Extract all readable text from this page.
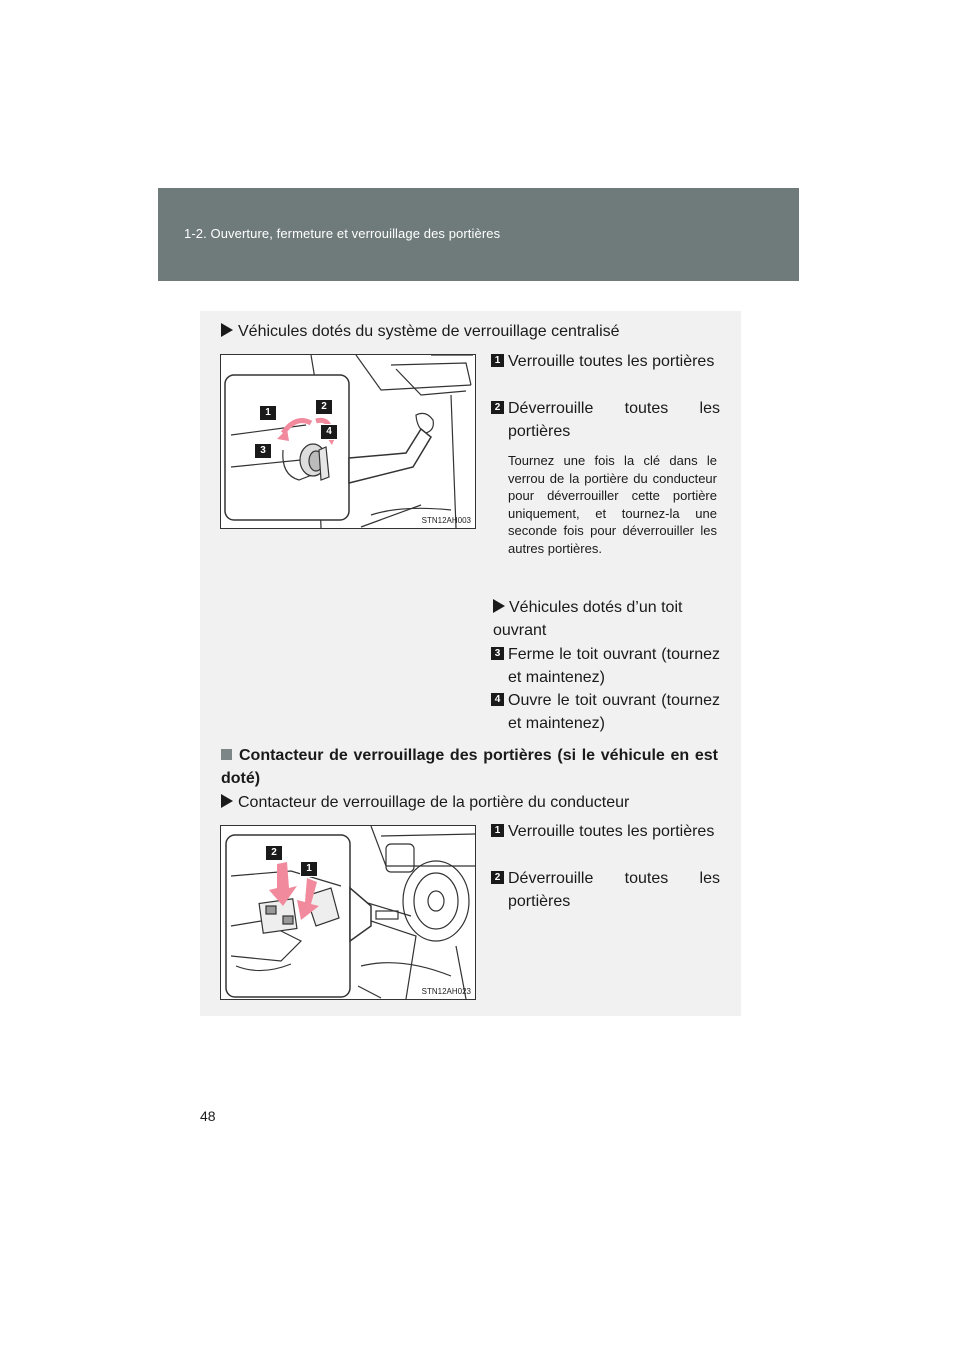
1-2. Ouverture, fermeture et verrouillage des portières
Véhicules dotés du système de verrouillage centralisé
1
2
3
4
STN12AH003
1 Verrouille toutes les portières
2 Déverrouille toutes les portières
Tournez une fois la clé dans le verrou de la portière du conducteur pour déverrouiller cette portière uniquement, et tournez-la une seconde fois pour déverrouiller les autres portières.
Véhicules dotés d’un toit ouvrant
3 Ferme le toit ouvrant (tournez et maintenez)
4 Ouvre le toit ouvrant (tournez et maintenez)
Contacteur de verrouillage des portières (si le véhicule en est doté)
Contacteur de verrouillage de la portière du conducteur
2
1
STN12AH023
1 Verrouille toutes les portières
2 Déverrouille toutes les portières
48
